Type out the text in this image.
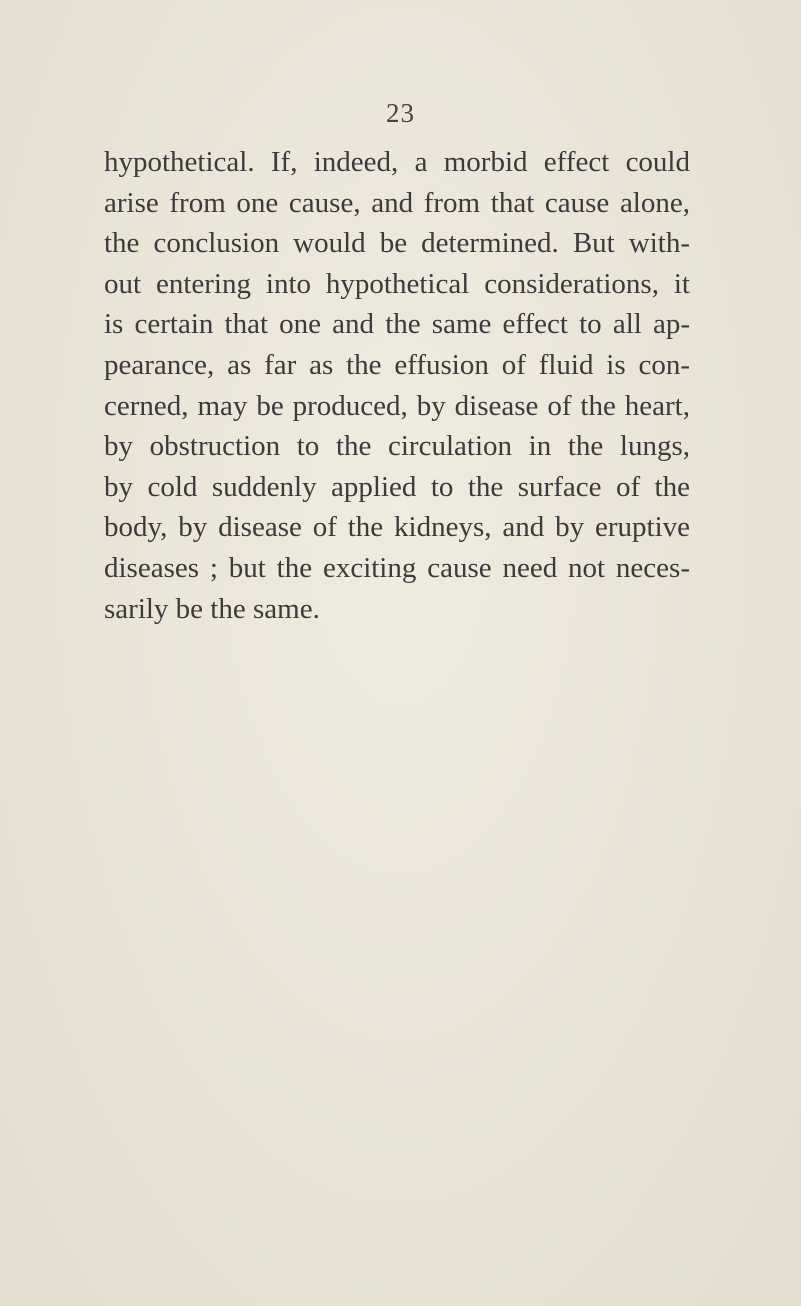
23
hypothetical. If, indeed, a morbid effect could
arise from one cause, and from that cause alone,
the conclusion would be determined. But with-
out entering into hypothetical considerations, it
is certain that one and the same effect to all ap-
pearance, as far as the effusion of fluid is con-
cerned, may be produced, by disease of the heart,
by obstruction to the circulation in the lungs,
by cold suddenly applied to the surface of the
body, by disease of the kidneys, and by eruptive
diseases ; but the exciting cause need not neces-
sarily be the same.
